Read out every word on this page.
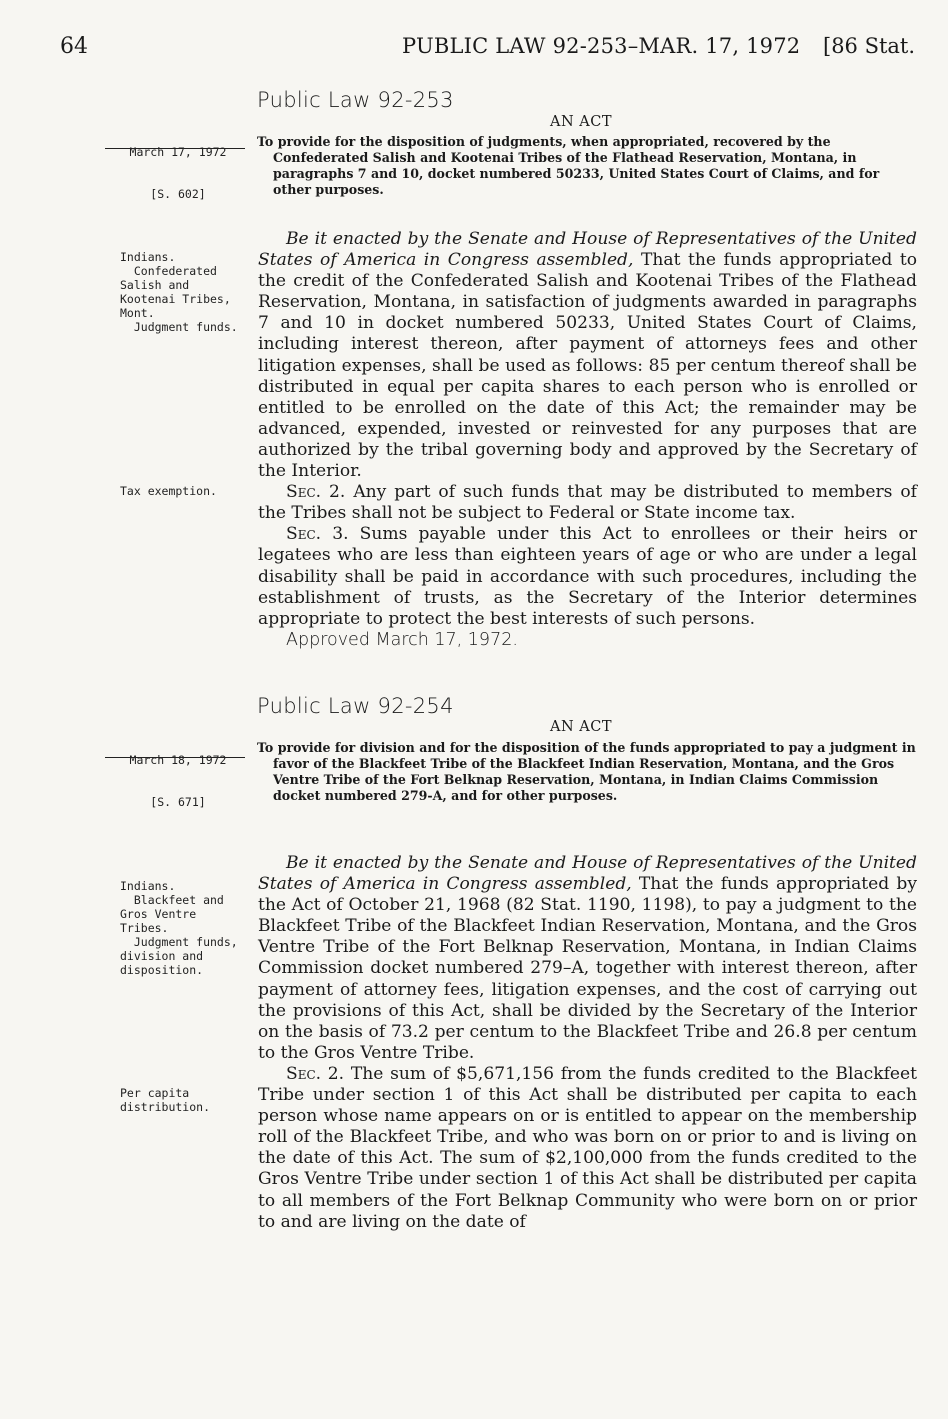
64	PUBLIC LAW 92-253–MAR. 17, 1972 [86 Stat.
Public Law 92-253

March 17, 1972

[S. 602]

AN ACT
To provide for the disposition of judgments, when appropriated, recovered by the Confederated Salish and Kootenai Tribes of the Flathead Reservation, Montana, in paragraphs 7 and 10, docket numbered 50233, United States Court of Claims, and for other purposes.
Indians.
Confederated
Salish and
Kootenai Tribes,
Mont.
Judgment funds.
Tax exemption.

Be it enacted by the Senate and House of Representatives of the United States of America in Congress assembled, That the funds appropriated to the credit of the Confederated Salish and Kootenai Tribes of the Flathead Reservation, Montana, in satisfaction of judgments awarded in paragraphs 7 and 10 in docket numbered 50233, United States Court of Claims, including interest thereon, after payment of attorneys fees and other litigation expenses, shall be used as follows: 85 per centum thereof shall be distributed in equal per capita shares to each person who is enrolled or entitled to be enrolled on the date of this Act; the remainder may be advanced, expended, invested or reinvested for any purposes that are authorized by the tribal governing body and approved by the Secretary of the Interior.

Sec. 2. Any part of such funds that may be distributed to members of the Tribes shall not be subject to Federal or State income tax.

Sec. 3. Sums payable under this Act to enrollees or their heirs or legatees who are less than eighteen years of age or who are under a legal disability shall be paid in accordance with such procedures, including the establishment of trusts, as the Secretary of the Interior determines appropriate to protect the best interests of such persons.

Approved March 17, 1972.
Public Law 92-254

March 18, 1972

[S. 671]

AN ACT
To provide for division and for the disposition of the funds appropriated to pay a judgment in favor of the Blackfeet Tribe of the Blackfeet Indian Reservation, Montana, and the Gros Ventre Tribe of the Fort Belknap Reservation, Montana, in Indian Claims Commission docket numbered 279-A, and for other purposes.
Indians.
Blackfeet and
Gros Ventre
Tribes.
Judgment funds,
division and
disposition.
Per capita
distribution.

Be it enacted by the Senate and House of Representatives of the United States of America in Congress assembled, That the funds appropriated by the Act of October 21, 1968 (82 Stat. 1190, 1198), to pay a judgment to the Blackfeet Tribe of the Blackfeet Indian Reservation, Montana, and the Gros Ventre Tribe of the Fort Belknap Reservation, Montana, in Indian Claims Commission docket numbered 279–A, together with interest thereon, after payment of attorney fees, litigation expenses, and the cost of carrying out the provisions of this Act, shall be divided by the Secretary of the Interior on the basis of 73.2 per centum to the Blackfeet Tribe and 26.8 per centum to the Gros Ventre Tribe.

Sec. 2. The sum of $5,671,156 from the funds credited to the Blackfeet Tribe under section 1 of this Act shall be distributed per capita to each person whose name appears on or is entitled to appear on the membership roll of the Blackfeet Tribe, and who was born on or prior to and is living on the date of this Act. The sum of $2,100,000 from the funds credited to the Gros Ventre Tribe under section 1 of this Act shall be distributed per capita to all members of the Fort Belknap Community who were born on or prior to and are living on the date of
